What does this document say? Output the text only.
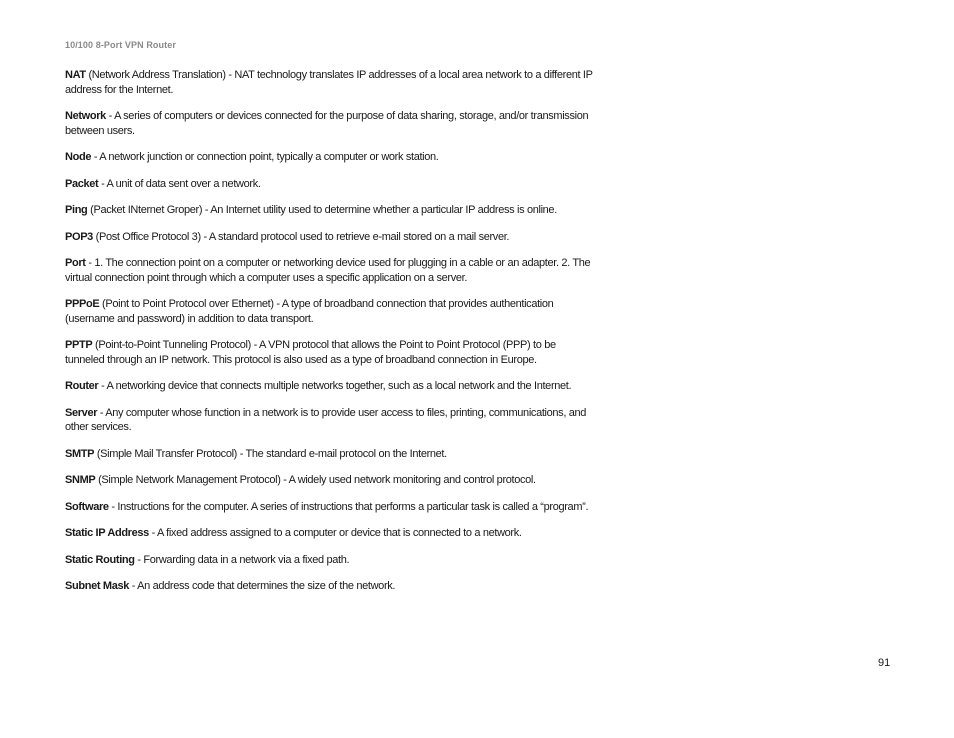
10/100 8-Port VPN Router

NAT (Network Address Translation) - NAT technology translates IP addresses of a local area network to a different IP address for the Internet.

Network - A series of computers or devices connected for the purpose of data sharing, storage, and/or transmission between users.

Node - A network junction or connection point, typically a computer or work station.

Packet - A unit of data sent over a network.

Ping (Packet INternet Groper) - An Internet utility used to determine whether a particular IP address is online.

POP3 (Post Office Protocol 3) - A standard protocol used to retrieve e-mail stored on a mail server.

Port - 1. The connection point on a computer or networking device used for plugging in a cable or an adapter. 2. The virtual connection point through which a computer uses a specific application on a server.

PPPoE (Point to Point Protocol over Ethernet) - A type of broadband connection that provides authentication (username and password) in addition to data transport.

PPTP (Point-to-Point Tunneling Protocol) - A VPN protocol that allows the Point to Point Protocol (PPP) to be tunneled through an IP network. This protocol is also used as a type of broadband connection in Europe.

Router - A networking device that connects multiple networks together, such as a local network and the Internet.

Server - Any computer whose function in a network is to provide user access to files, printing, communications, and other services.

SMTP (Simple Mail Transfer Protocol) - The standard e-mail protocol on the Internet.

SNMP (Simple Network Management Protocol) - A widely used network monitoring and control protocol.

Software - Instructions for the computer. A series of instructions that performs a particular task is called a “program”.

Static IP Address - A fixed address assigned to a computer or device that is connected to a network.

Static Routing - Forwarding data in a network via a fixed path.

Subnet Mask - An address code that determines the size of the network.

91
